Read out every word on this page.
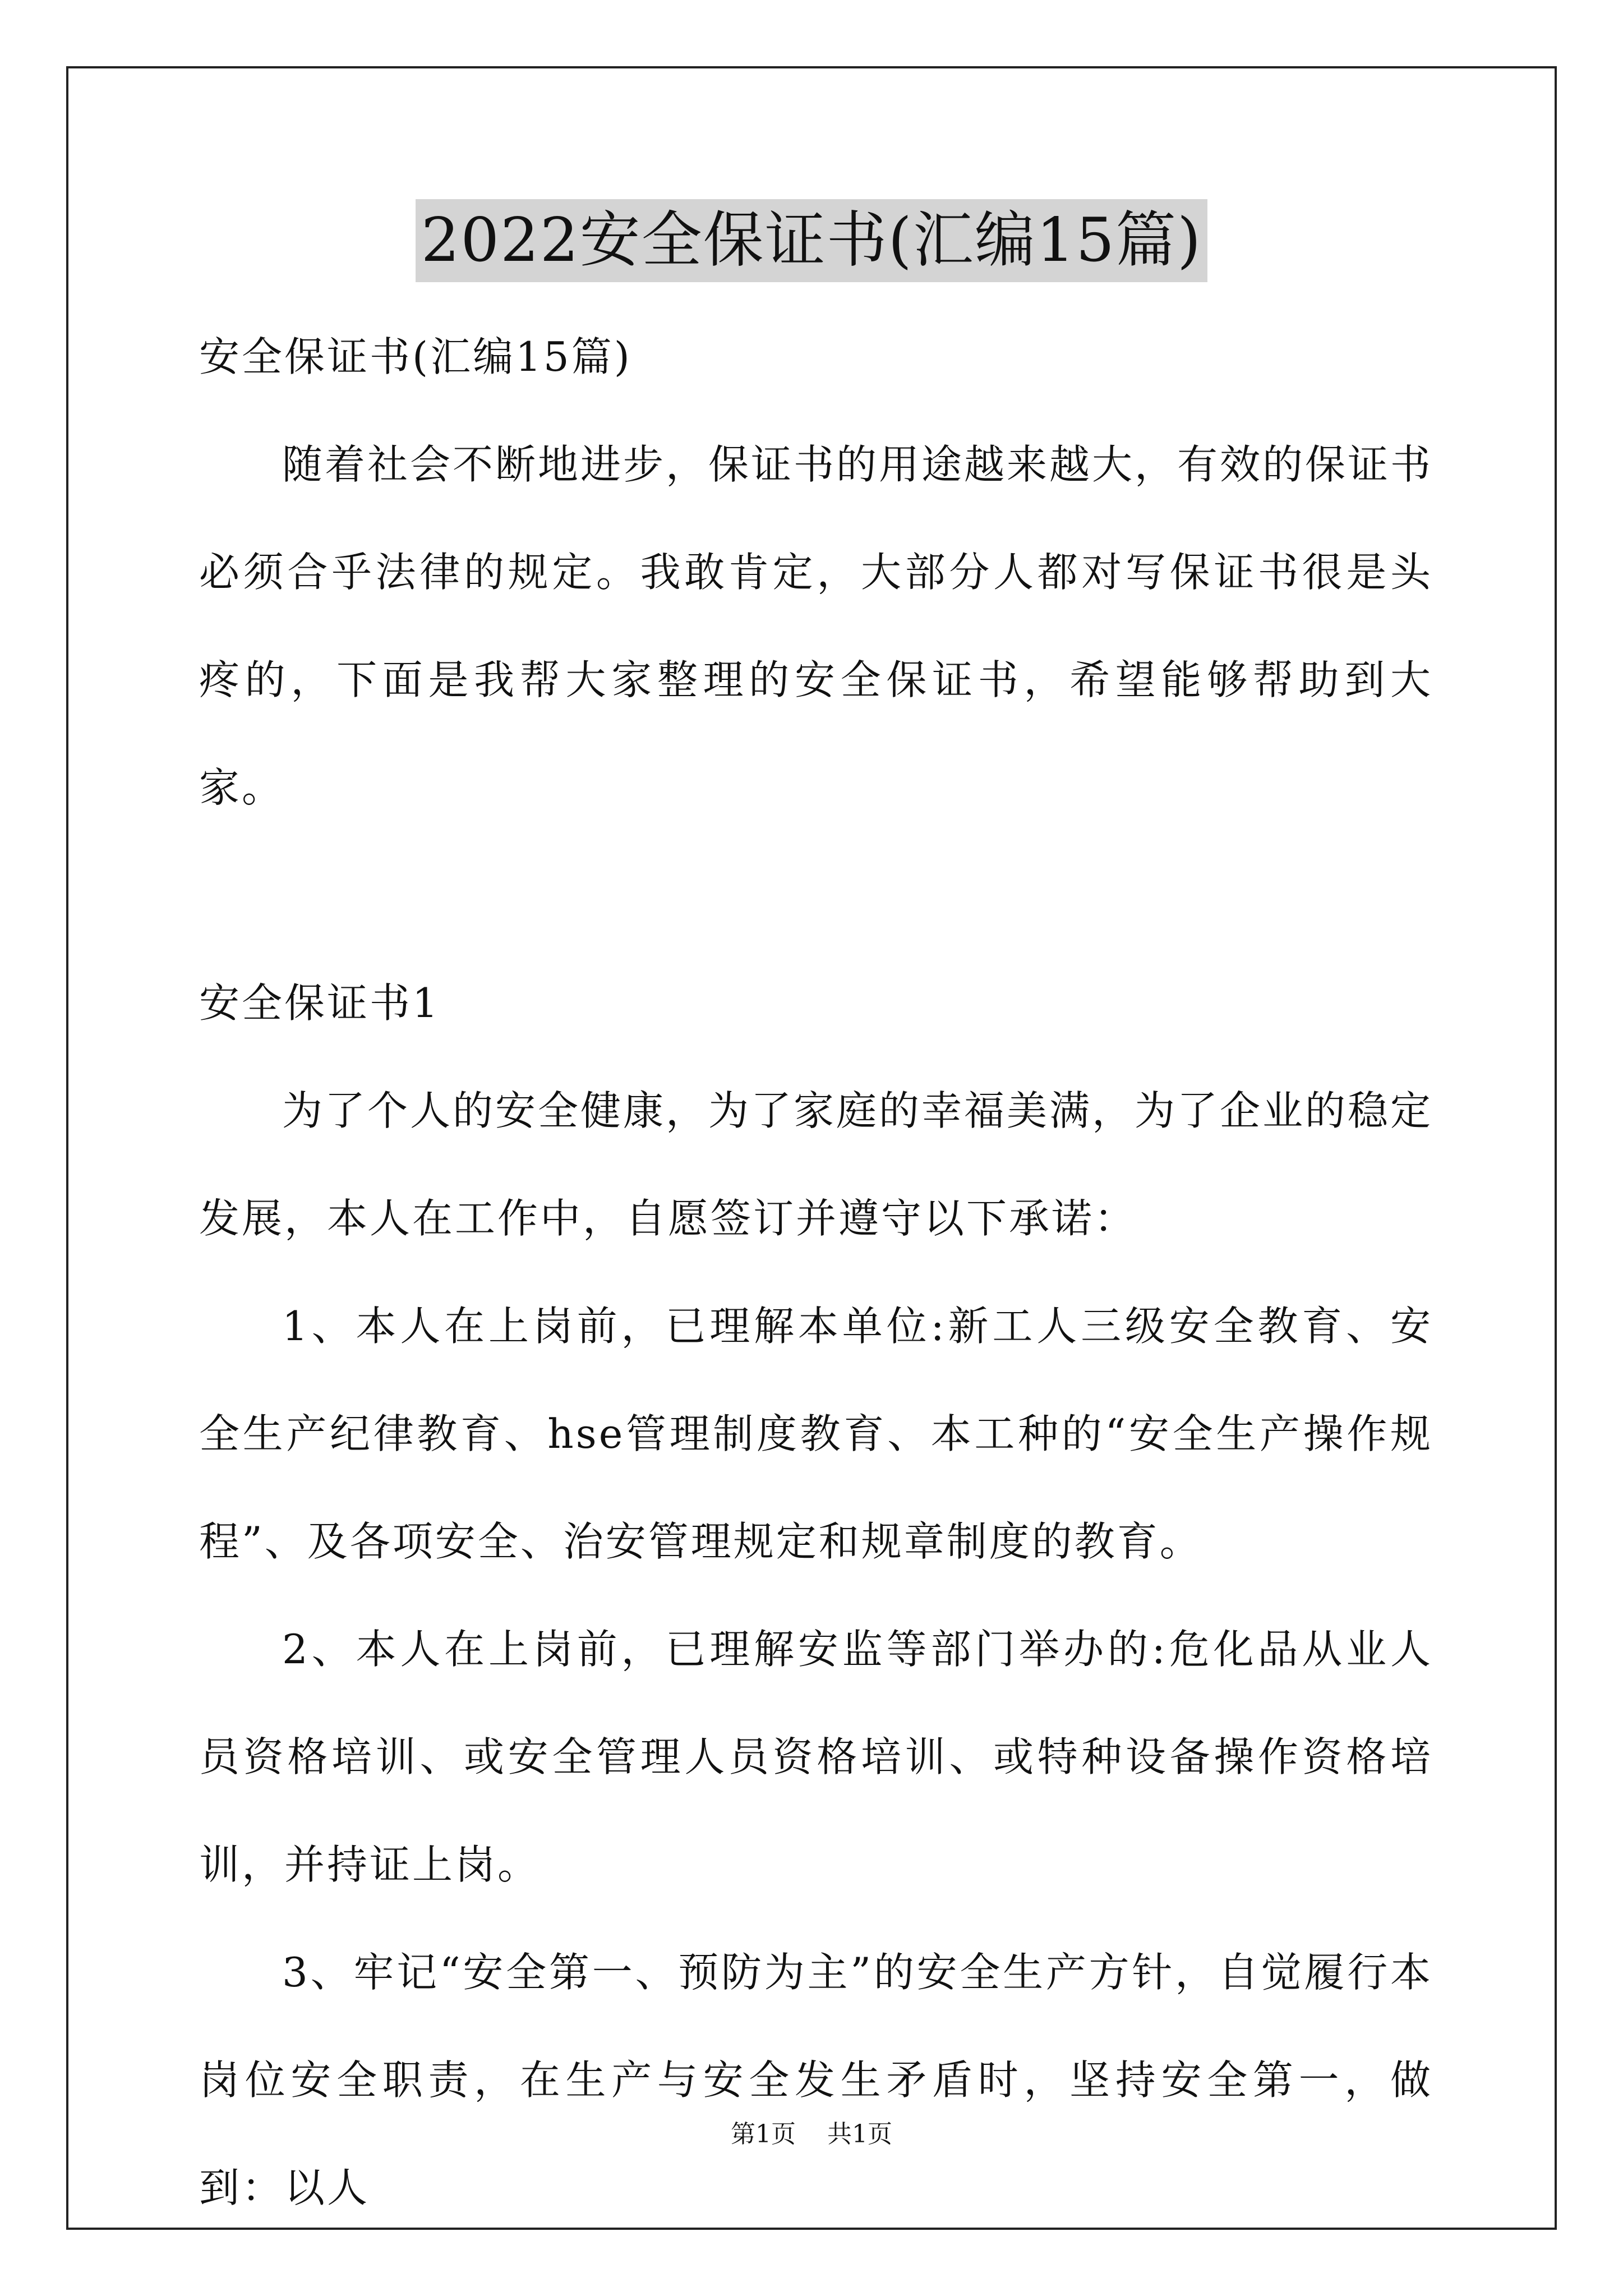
2022安全保证书(汇编15篇)
安全保证书(汇编15篇)
随着社会不断地进步，保证书的用途越来越大，有效的保证书必须合乎法律的规定。我敢肯定，大部分人都对写保证书很是头疼的，下面是我帮大家整理的安全保证书，希望能够帮助到大家。
安全保证书1
为了个人的安全健康，为了家庭的幸福美满，为了企业的稳定发展，本人在工作中，自愿签订并遵守以下承诺：
1、本人在上岗前，已理解本单位:新工人三级安全教育、安全生产纪律教育、hse管理制度教育、本工种的“安全生产操作规程”、及各项安全、治安管理规定和规章制度的教育。
2、本人在上岗前，已理解安监等部门举办的:危化品从业人员资格培训、或安全管理人员资格培训、或特种设备操作资格培训，并持证上岗。
3、牢记“安全第一、预防为主”的安全生产方针，自觉履行本岗位安全职责，在生产与安全发生矛盾时，坚持安全第一，做到：以人
第1页 共1页
